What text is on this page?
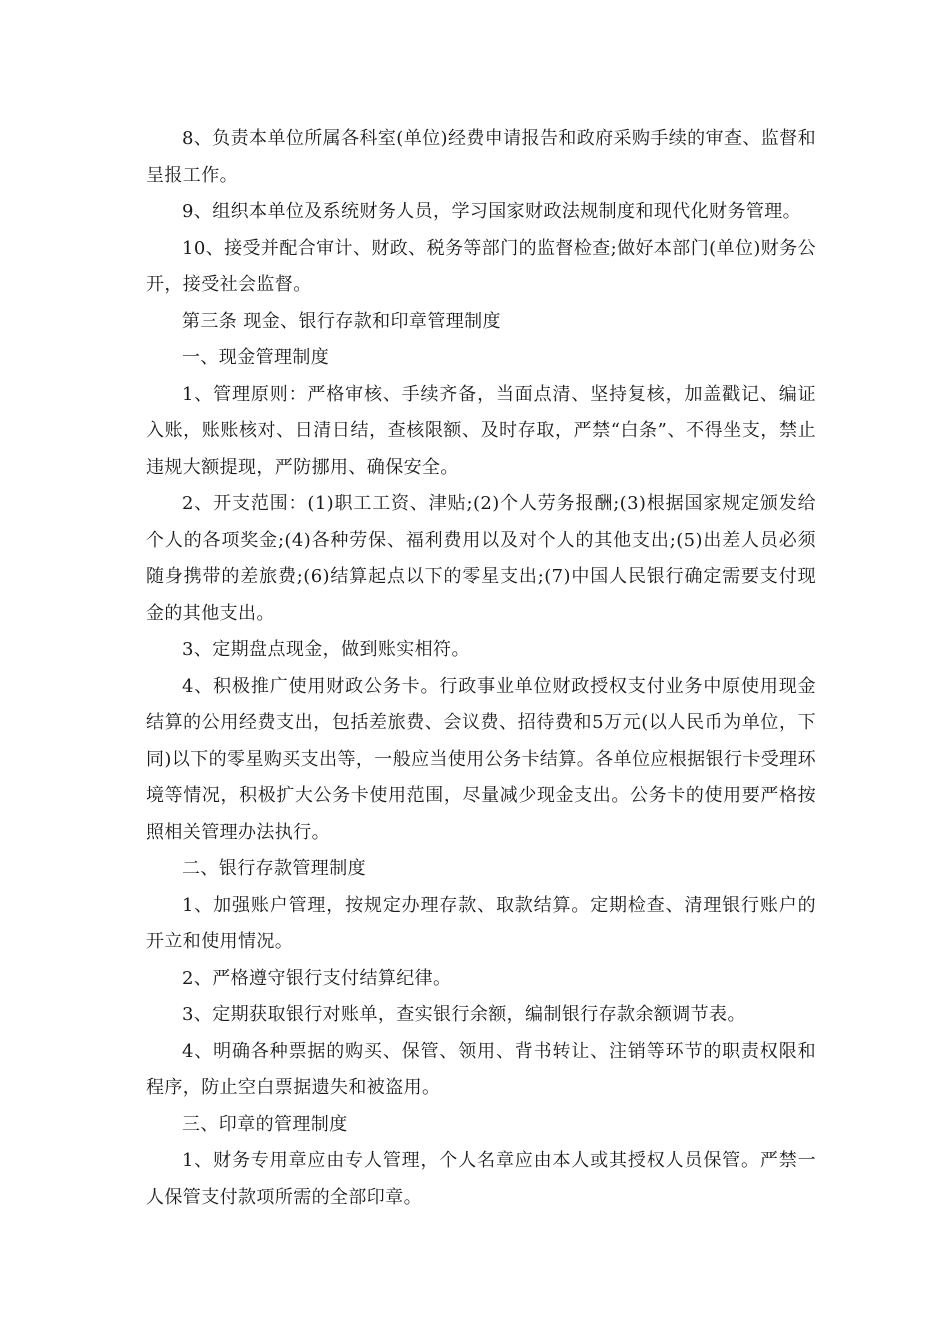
8、负责本单位所属各科室(单位)经费申请报告和政府采购手续的审查、监督和呈报工作。

9、组织本单位及系统财务人员，学习国家财政法规制度和现代化财务管理。

10、接受并配合审计、财政、税务等部门的监督检查;做好本部门(单位)财务公开，接受社会监督。

第三条 现金、银行存款和印章管理制度

一、现金管理制度

1、管理原则：严格审核、手续齐备，当面点清、坚持复核，加盖戳记、编证入账，账账核对、日清日结，查核限额、及时存取，严禁“白条”、不得坐支，禁止违规大额提现，严防挪用、确保安全。

2、开支范围：(1)职工工资、津贴;(2)个人劳务报酬;(3)根据国家规定颁发给个人的各项奖金;(4)各种劳保、福利费用以及对个人的其他支出;(5)出差人员必须随身携带的差旅费;(6)结算起点以下的零星支出;(7)中国人民银行确定需要支付现金的其他支出。

3、定期盘点现金，做到账实相符。

4、积极推广使用财政公务卡。行政事业单位财政授权支付业务中原使用现金结算的公用经费支出，包括差旅费、会议费、招待费和5万元(以人民币为单位，下同)以下的零星购买支出等，一般应当使用公务卡结算。各单位应根据银行卡受理环境等情况，积极扩大公务卡使用范围，尽量减少现金支出。公务卡的使用要严格按照相关管理办法执行。

二、银行存款管理制度

1、加强账户管理，按规定办理存款、取款结算。定期检查、清理银行账户的开立和使用情况。

2、严格遵守银行支付结算纪律。

3、定期获取银行对账单，查实银行余额，编制银行存款余额调节表。

4、明确各种票据的购买、保管、领用、背书转让、注销等环节的职责权限和程序，防止空白票据遗失和被盗用。

三、印章的管理制度

1、财务专用章应由专人管理，个人名章应由本人或其授权人员保管。严禁一人保管支付款项所需的全部印章。
